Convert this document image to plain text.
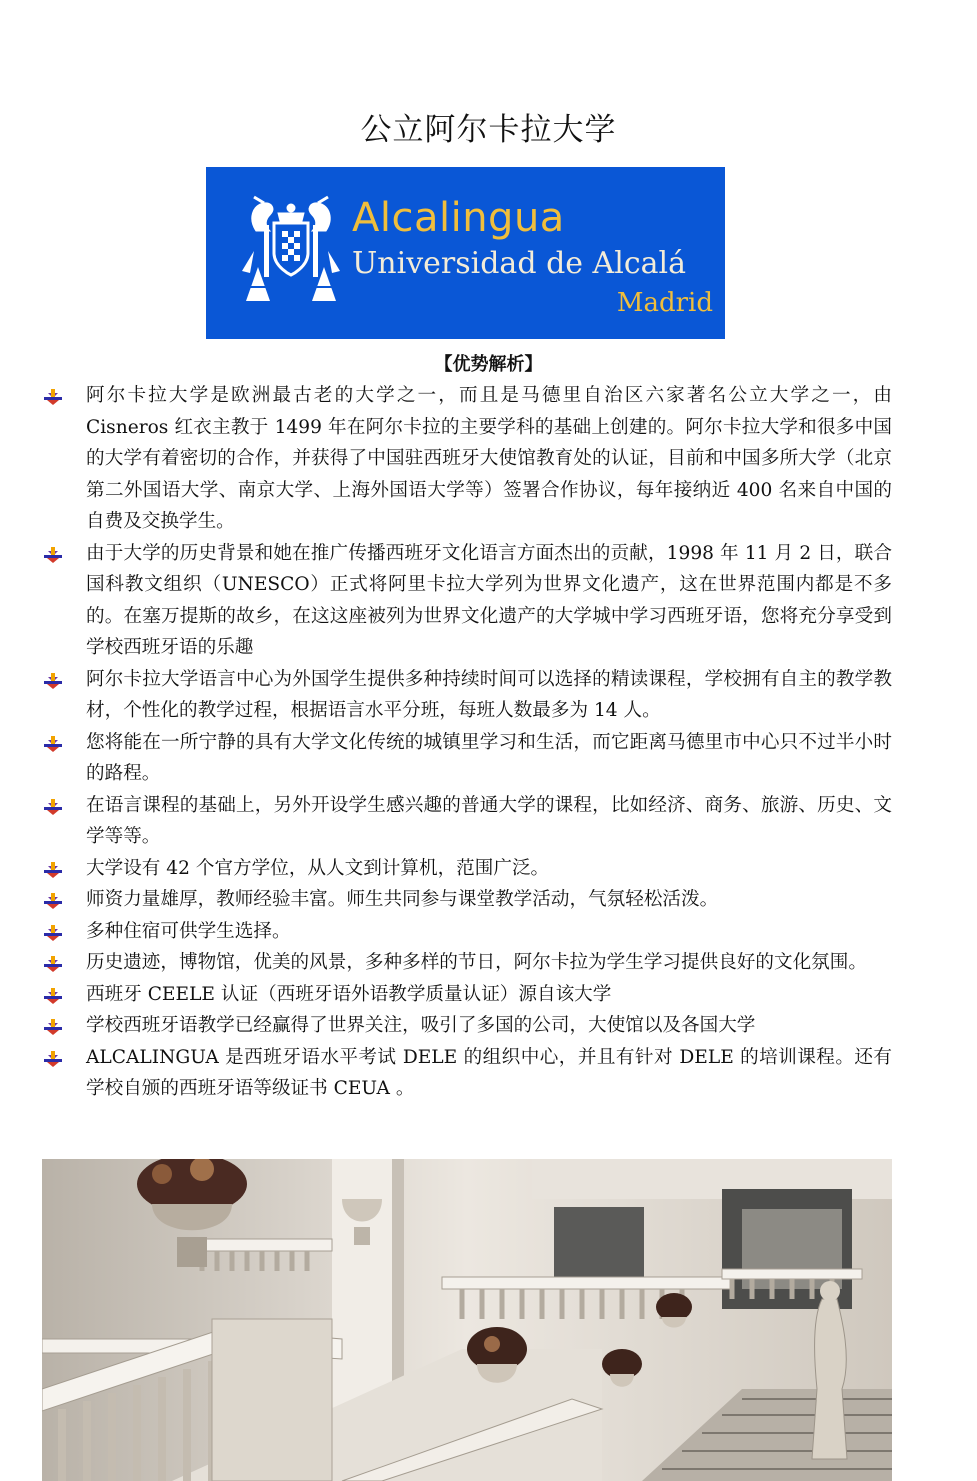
公立阿尔卡拉大学
Alcalingua
Universidad de Alcalá
Madrid
【优势解析】
阿尔卡拉大学是欧洲最古老的大学之一，而且是马德里自治区六家著名公立大学之一，由 Cisneros 红衣主教于 1499 年在阿尔卡拉的主要学科的基础上创建的。阿尔卡拉大学和很多中国的大学有着密切的合作，并获得了中国驻西班牙大使馆教育处的认证，目前和中国多所大学（北京第二外国语大学、南京大学、上海外国语大学等）签署合作协议，每年接纳近 400 名来自中国的自费及交换学生。
由于大学的历史背景和她在推广传播西班牙文化语言方面杰出的贡献，1998 年 11 月 2 日，联合国科教文组织（UNESCO）正式将阿里卡拉大学列为世界文化遗产，这在世界范围内都是不多的。在塞万提斯的故乡，在这这座被列为世界文化遗产的大学城中学习西班牙语，您将充分享受到学校西班牙语的乐趣
阿尔卡拉大学语言中心为外国学生提供多种持续时间可以选择的精读课程，学校拥有自主的教学教材，个性化的教学过程，根据语言水平分班，每班人数最多为 14 人。
您将能在一所宁静的具有大学文化传统的城镇里学习和生活，而它距离马德里市中心只不过半小时的路程。
在语言课程的基础上，另外开设学生感兴趣的普通大学的课程，比如经济、商务、旅游、历史、文学等等。
大学设有 42 个官方学位，从人文到计算机，范围广泛。
师资力量雄厚，教师经验丰富。师生共同参与课堂教学活动，气氛轻松活泼。
多种住宿可供学生选择。
历史遗迹，博物馆，优美的风景，多种多样的节日，阿尔卡拉为学生学习提供良好的文化氛围。
西班牙 CEELE 认证（西班牙语外语教学质量认证）源自该大学
学校西班牙语教学已经赢得了世界关注，吸引了多国的公司，大使馆以及各国大学
ALCALINGUA 是西班牙语水平考试 DELE 的组织中心，并且有针对 DELE 的培训课程。还有学校自颁的西班牙语等级证书 CEUA 。
